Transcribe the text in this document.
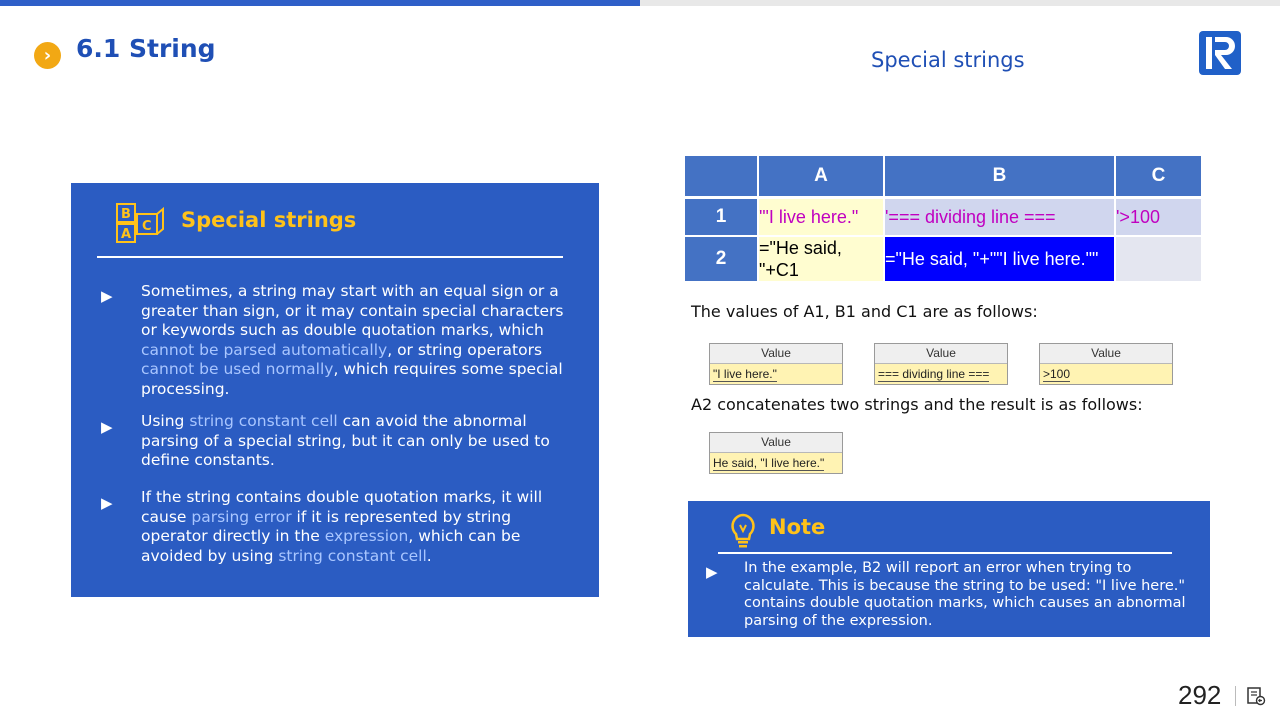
› 6.1 String	Special strings
B
A
C Special strings
▶ Sometimes, a string may start with an equal sign or a greater than sign, or it may contain special characters or keywords such as double quotation marks, which cannot be parsed automatically, or string operators cannot be used normally, which requires some special processing.
▶ Using string constant cell can avoid the abnormal parsing of a special string, but it can only be used to define constants.
▶ If the string contains double quotation marks, it will cause parsing error if it is represented by string operator directly in the expression, which can be avoided by using string constant cell.
	A	B	C

1	'"I live here."	'=== dividing line ===	'>100

2	="He said, "+C1	="He said, "+""I live here.""	
The values of A1, B1 and C1 are as follows:
Value
"I live here."
Value
=== dividing line ===
Value
>100
A2 concatenates two strings and the result is as follows:
Value
He said, "I live here."
Note
▶ In the example, B2 will report an error when trying to calculate. This is because the string to be used: "I live here." contains double quotation marks, which causes an abnormal parsing of the expression.
292
